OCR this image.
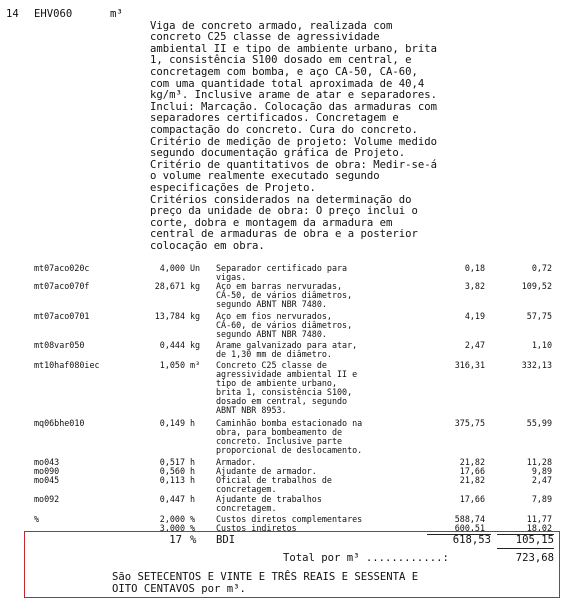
14 EHV060	m³

Viga de concreto armado, realizada com
concreto C25 classe de agressividade
ambiental II e tipo de ambiente urbano, brita
1, consistência S100 dosado em central, e
concretagem com bomba, e aço CA-50, CA-60,
com uma quantidade total aproximada de 40,4
kg/m³. Inclusive arame de atar e separadores.
Inclui: Marcação. Colocação das armaduras com
separadores certificados. Concretagem e
compactação do concreto. Cura do concreto.
Critério de medição de projeto: Volume medido
segundo documentação gráfica de Projeto.
Critério de quantitativos de obra: Medir-se-á
o volume realmente executado segundo
especificações de Projeto.
Critérios considerados na determinação do
preço da unidade de obra: O preço inclui o
corte, dobra e montagem da armadura em
central de armaduras de obra e a posterior
colocação em obra.

mt07aco020c	4,000 Un Separador certificado para
vigas.
0,18	0,72
mt07aco070f	28,671 kg Aço em barras nervuradas,
CA-50, de vários diâmetros,
segundo ABNT NBR 7480.
3,82	109,52
mt07aco0701	13,784 kg Aço em fios nervurados,
CA-60, de vários diâmetros,
segundo ABNT NBR 7480.
4,19	57,75
mt08var050	0,444 kg Arame galvanizado para atar,
de 1,30 mm de diâmetro.
2,47	1,10
mt10haf080iec	1,050 m³ Concreto C25 classe de
agressividade ambiental II e
tipo de ambiente urbano,
brita 1, consistência S100,
dosado em central, segundo
ABNT NBR 8953.
316,31	332,13
mq06bhe010	0,149 h Caminhão bomba estacionado na
obra, para bombeamento de
concreto. Inclusive parte
proporcional de deslocamento.
375,75	55,99
mo043	0,517 h Armador.	21,82	11,28
mo090	0,560 h Ajudante de armador.	17,66	9,89
mo045	0,113 h Oficial de trabalhos de
concretagem.
21,82	2,47
mo092	0,447 h Ajudante de trabalhos
concretagem.
17,66	7,89
%	2,000 % Custos diretos complementares	588,74	11,77
3,000 % Custos indiretos	600,51	18,02
17 % BDI	618,53	105,15
Total por m³ ............:	723,68
São SETECENTOS E VINTE E TRÊS REAIS E SESSENTA E
OITO CENTAVOS por m³.
